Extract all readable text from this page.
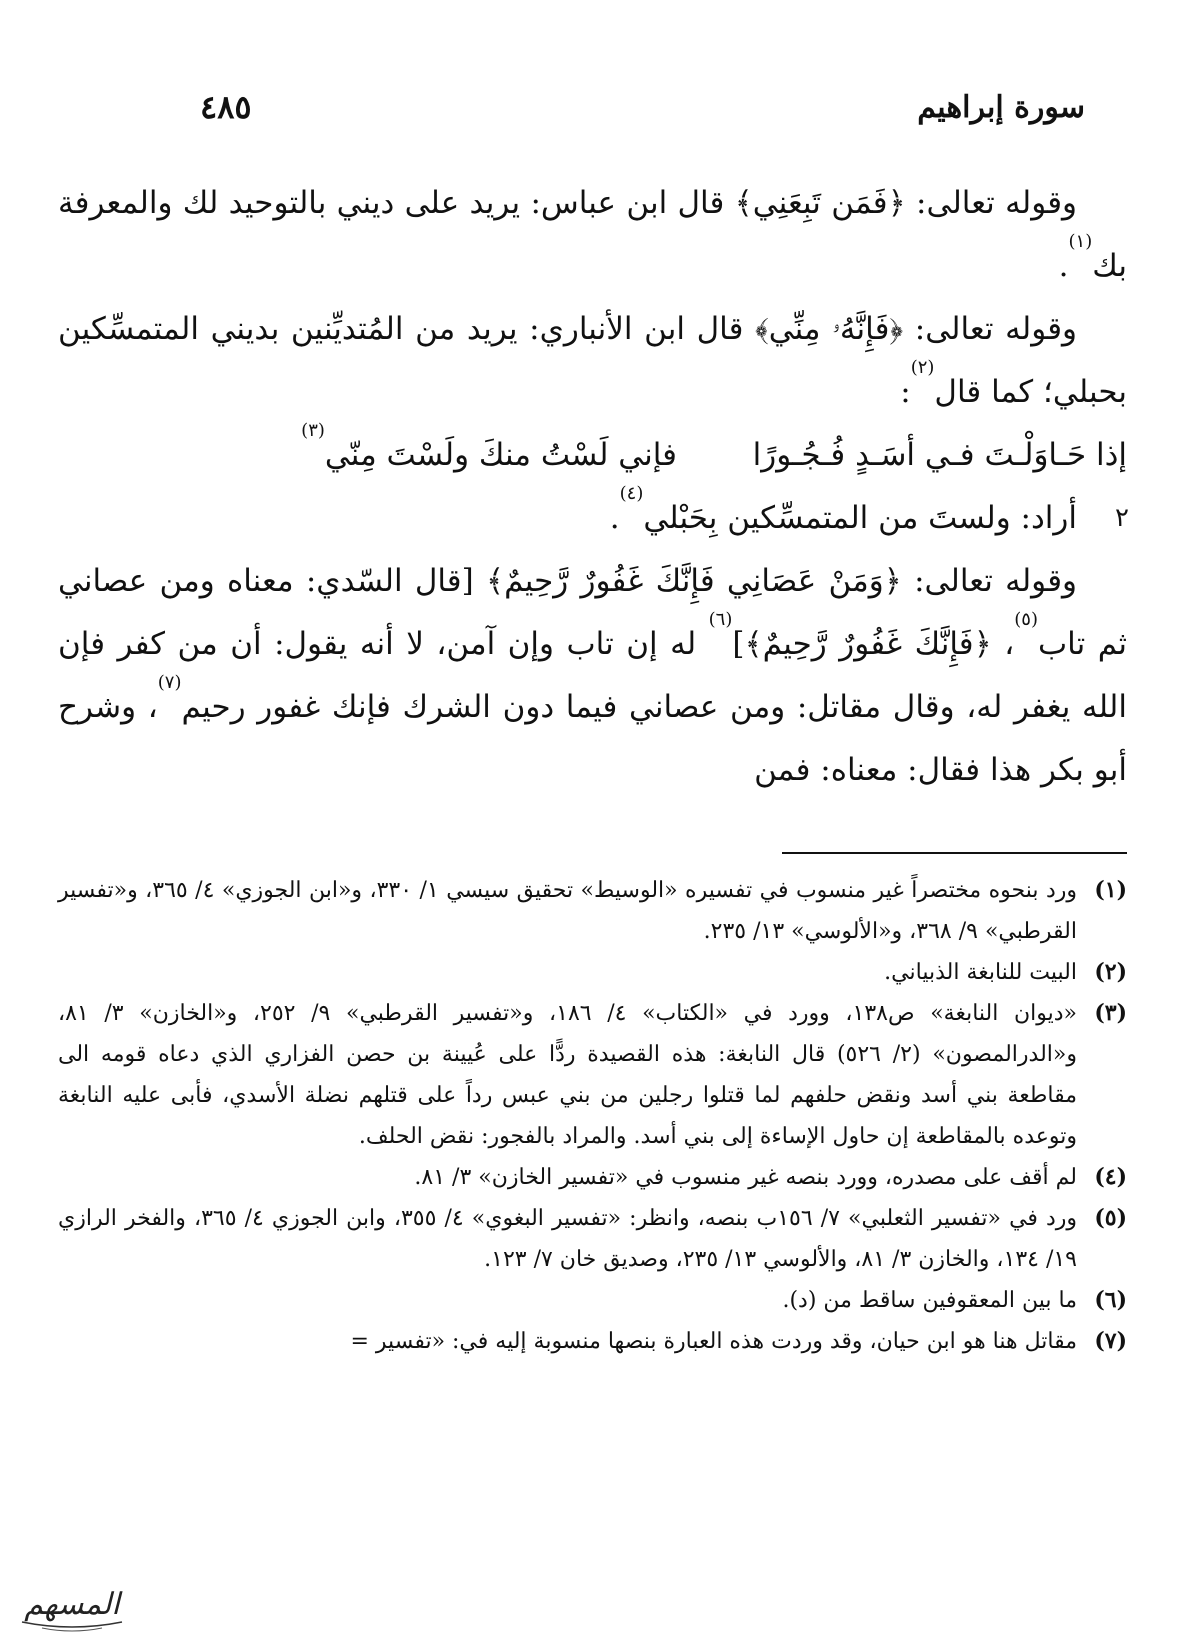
٤٨٥	سورة إبراهيم

وقوله تعالى: ﴿فَمَن تَبِعَنِي﴾ قال ابن عباس: يريد على ديني بالتوحيد لك والمعرفة بك$^{(١)}$.

وقوله تعالى: ﴿فَإِنَّهُۥ مِنِّي﴾ قال ابن الأنباري: يريد من المُتديِّنين بديني المتمسِّكين بحبلي؛ كما قال$^{(٢)}$:

إذا حَـاوَلْـتَ فـي أسَـدٍ فُـجُـورًا
فإني لَسْتُ منكَ ولَسْتَ مِنّي$^{(٣)}$

٢
أراد: ولستَ من المتمسِّكين بِحَبْلي$^{(٤)}$.

وقوله تعالى: ﴿وَمَنْ عَصَانِي فَإِنَّكَ غَفُورٌ رَّحِيمٌ﴾ [قال السّدي: معناه ومن عصاني ثم تاب$^{(٥)}$، ﴿فَإِنَّكَ غَفُورٌ رَّحِيمٌ﴾]$^{(٦)}$ له إن تاب وإن آمن، لا أنه يقول: أن من كفر فإن الله يغفر له، وقال مقاتل: ومن عصاني فيما دون الشرك فإنك غفور رحيم$^{(٧)}$، وشرح أبو بكر هذا فقال: معناه: فمن

(١)
ورد بنحوه مختصراً غير منسوب في تفسيره «الوسيط» تحقيق سيسي ١/ ٣٣٠، و«ابن الجوزي» ٤/ ٣٦٥، و«تفسير القرطبي» ٩/ ٣٦٨، و«الألوسي» ١٣/ ٢٣٥.
(٢)
البيت للنابغة الذبياني.
(٣)
«ديوان النابغة» ص١٣٨، وورد في «الكتاب» ٤/ ١٨٦، و«تفسير القرطبي» ٩/ ٢٥٢، و«الخازن» ٣/ ٨١، و«الدرالمصون» (٢/ ٥٢٦) قال النابغة: هذه القصيدة ردًّا على عُيينة بن حصن الفزاري الذي دعاه قومه الى مقاطعة بني أسد ونقض حلفهم لما قتلوا رجلين من بني عبس رداً على قتلهم نضلة الأسدي، فأبى عليه النابغة وتوعده بالمقاطعة إن حاول الإساءة إلى بني أسد. والمراد بالفجور: نقض الحلف.
(٤)
لم أقف على مصدره، وورد بنصه غير منسوب في «تفسير الخازن» ٣/ ٨١.
(٥)
ورد في «تفسير الثعلبي» ٧/ ١٥٦ب بنصه، وانظر: «تفسير البغوي» ٤/ ٣٥٥، وابن الجوزي ٤/ ٣٦٥، والفخر الرازي ١٩/ ١٣٤، والخازن ٣/ ٨١، والألوسي ١٣/ ٢٣٥، وصديق خان ٧/ ١٢٣.
(٦)
ما بين المعقوفين ساقط من (د).
(٧)
مقاتل هنا هو ابن حيان، وقد وردت هذه العبارة بنصها منسوبة إليه في: «تفسير =
المسهم
